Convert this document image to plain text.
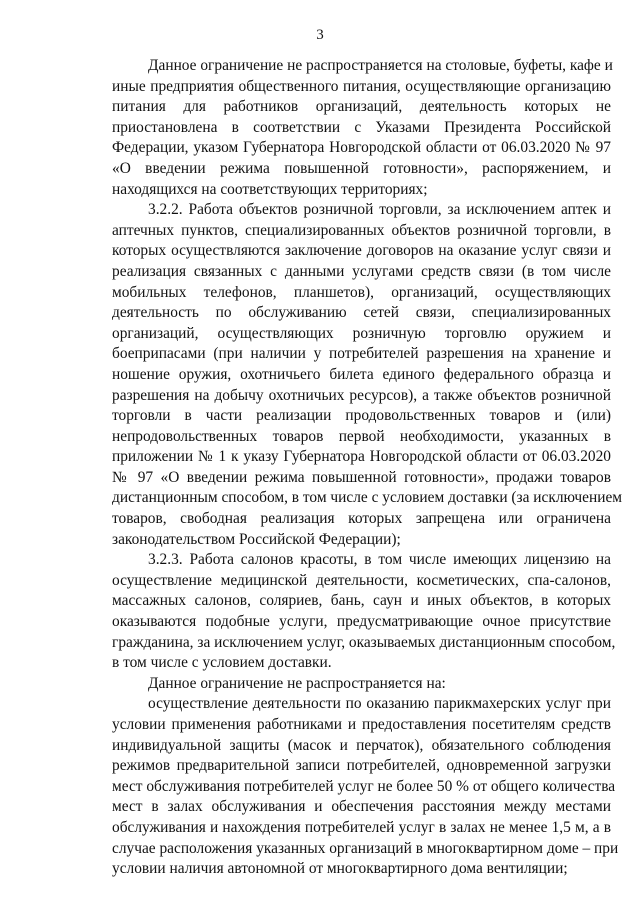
3
Данное ограничение не распространяется на столовые, буфеты, кафе и
иные предприятия общественного питания, осуществляющие организацию
питания для работников организаций, деятельность которых не
приостановлена в соответствии с Указами Президента Российской
Федерации, указом Губернатора Новгородской области от 06.03.2020 № 97
«О введении режима повышенной готовности», распоряжением, и
находящихся на соответствующих территориях;
3.2.2. Работа объектов розничной торговли, за исключением аптек и
аптечных пунктов, специализированных объектов розничной торговли, в
которых осуществляются заключение договоров на оказание услуг связи и
реализация связанных с данными услугами средств связи (в том числе
мобильных телефонов, планшетов), организаций, осуществляющих
деятельность по обслуживанию сетей связи, специализированных
организаций, осуществляющих розничную торговлю оружием и
боеприпасами (при наличии у потребителей разрешения на хранение и
ношение оружия, охотничьего билета единого федерального образца и
разрешения на добычу охотничьих ресурсов), а также объектов розничной
торговли в части реализации продовольственных товаров и (или)
непродовольственных товаров первой необходимости, указанных в
приложении № 1 к указу Губернатора Новгородской области от 06.03.2020
№ 97 «О введении режима повышенной готовности», продажи товаров
дистанционным способом, в том числе с условием доставки (за исключением
товаров, свободная реализация которых запрещена или ограничена
законодательством Российской Федерации);
3.2.3. Работа салонов красоты, в том числе имеющих лицензию на
осуществление медицинской деятельности, косметических, спа-салонов,
массажных салонов, соляриев, бань, саун и иных объектов, в которых
оказываются подобные услуги, предусматривающие очное присутствие
гражданина, за исключением услуг, оказываемых дистанционным способом,
в том числе с условием доставки.
Данное ограничение не распространяется на:
осуществление деятельности по оказанию парикмахерских услуг при
условии применения работниками и предоставления посетителям средств
индивидуальной защиты (масок и перчаток), обязательного соблюдения
режимов предварительной записи потребителей, одновременной загрузки
мест обслуживания потребителей услуг не более 50 % от общего количества
мест в залах обслуживания и обеспечения расстояния между местами
обслуживания и нахождения потребителей услуг в залах не менее 1,5 м, а в
случае расположения указанных организаций в многоквартирном доме – при
условии наличия автономной от многоквартирного дома вентиляции;
